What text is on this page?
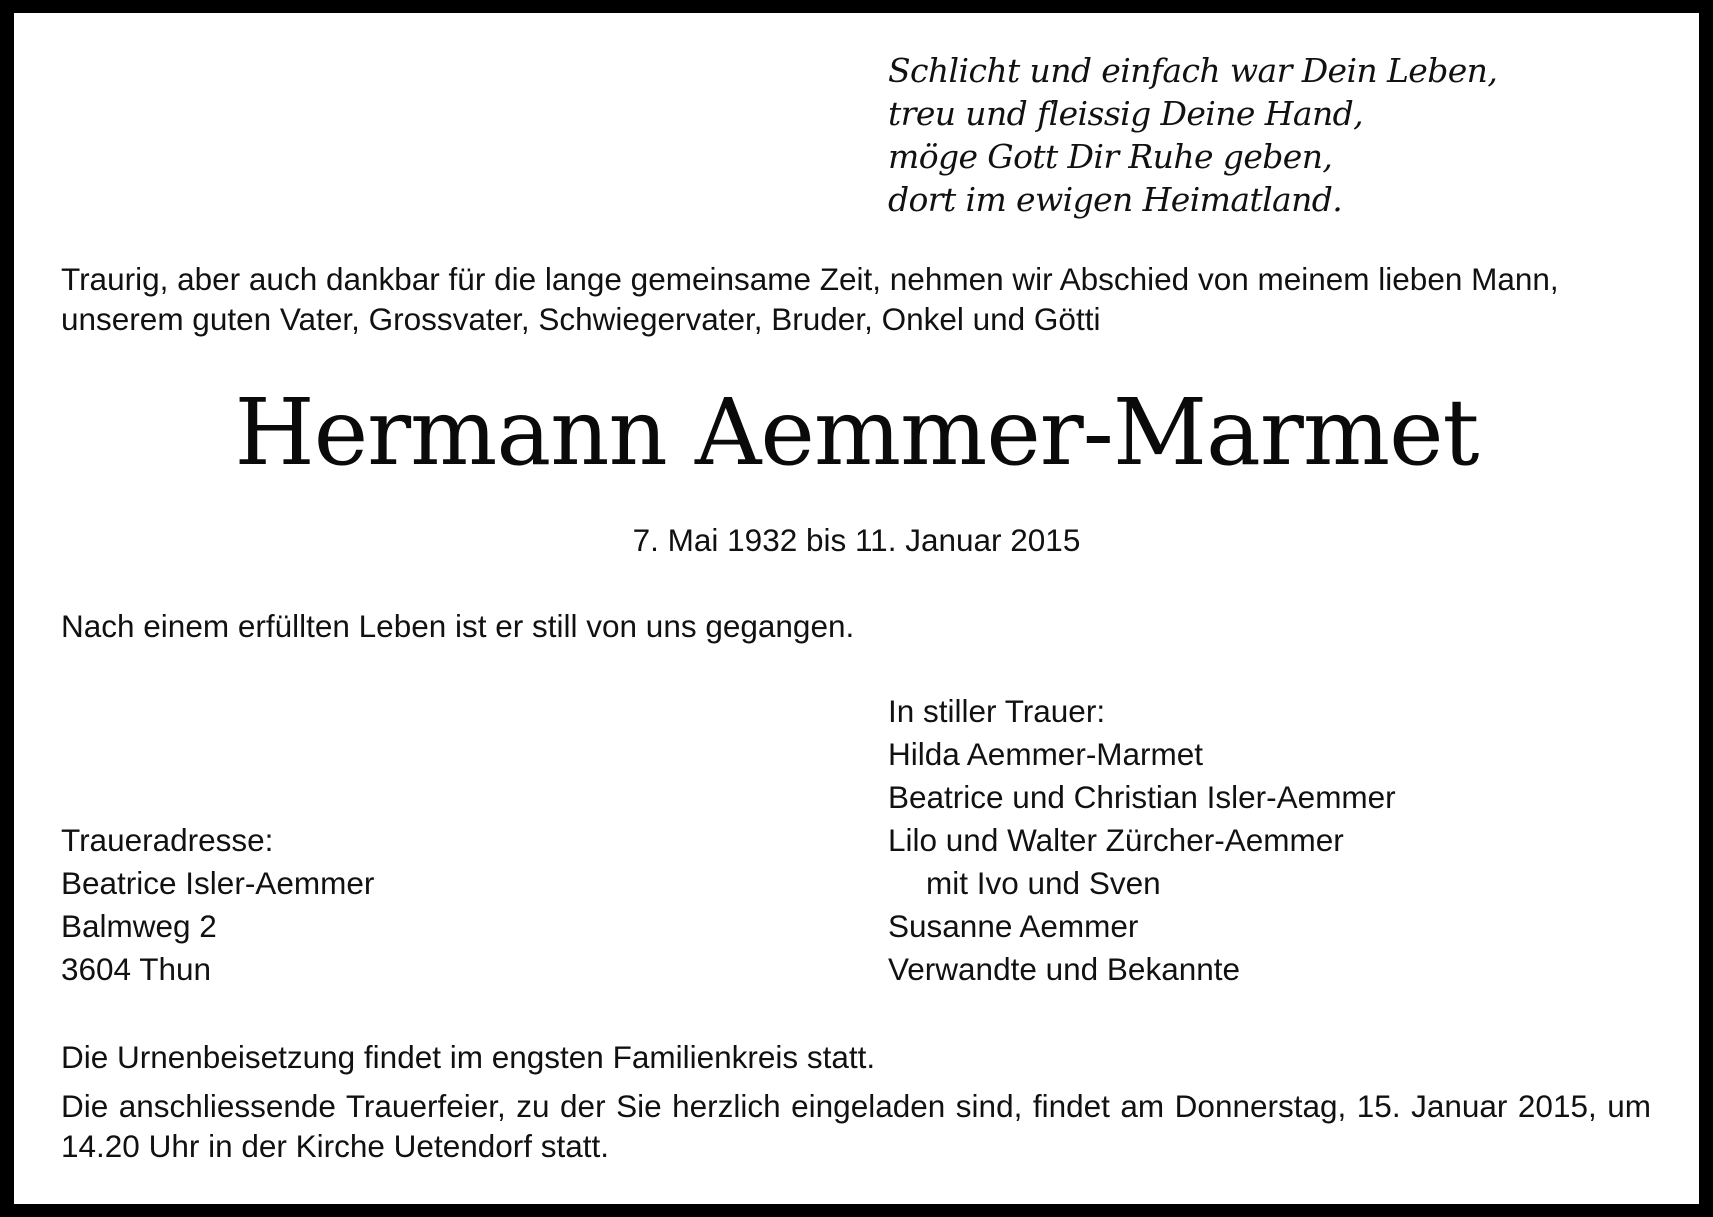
Schlicht und einfach war Dein Leben,
treu und fleissig Deine Hand,
möge Gott Dir Ruhe geben,
dort im ewigen Heimatland.
Traurig, aber auch dankbar für die lange gemeinsame Zeit, nehmen wir Abschied von meinem lieben Mann,
unserem guten Vater, Grossvater, Schwiegervater, Bruder, Onkel und Götti
Hermann Aemmer-Marmet
7. Mai 1932 bis 11. Januar 2015
Nach einem erfüllten Leben ist er still von uns gegangen.
In stiller Trauer:
Hilda Aemmer-Marmet
Beatrice und Christian Isler-Aemmer
Lilo und Walter Zürcher-Aemmer
mit Ivo und Sven
Susanne Aemmer
Verwandte und Bekannte
Traueradresse:
Beatrice Isler-Aemmer
Balmweg 2
3604 Thun
Die Urnenbeisetzung findet im engsten Familienkreis statt.
Die anschliessende Trauerfeier, zu der Sie herzlich eingeladen sind, findet am Donnerstag, 15. Januar 2015, um 14.20 Uhr in der Kirche Uetendorf statt.
